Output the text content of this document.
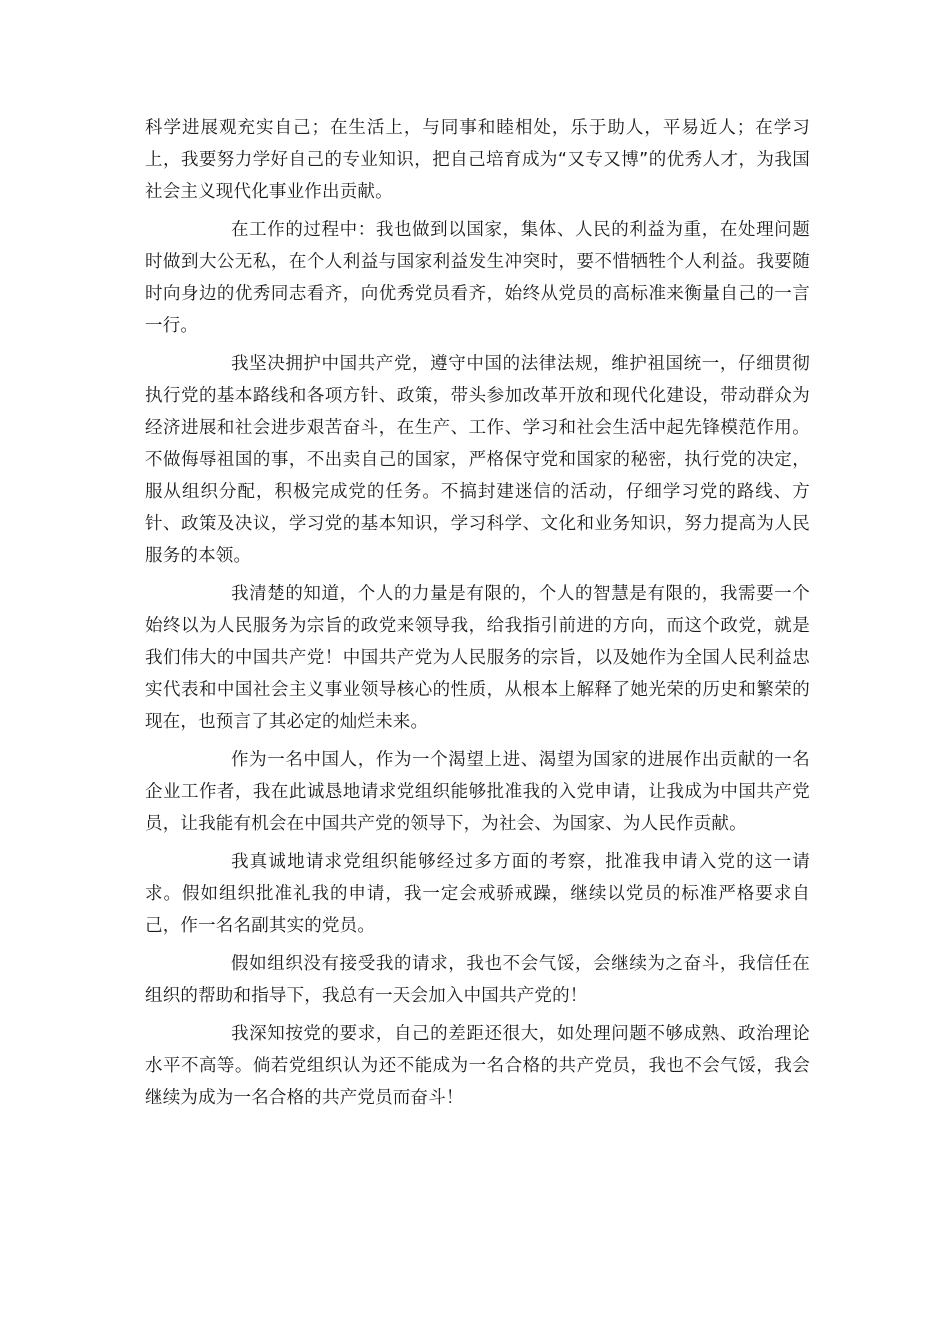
科学进展观充实自己；在生活上，与同事和睦相处，乐于助人，平易近人；在学习上，我要努力学好自己的专业知识，把自己培育成为“又专又博”的优秀人才，为我国社会主义现代化事业作出贡献。

在工作的过程中：我也做到以国家，集体、人民的利益为重，在处理问题时做到大公无私，在个人利益与国家利益发生冲突时，要不惜牺牲个人利益。我要随时向身边的优秀同志看齐，向优秀党员看齐，始终从党员的高标准来衡量自己的一言一行。

我坚决拥护中国共产党，遵守中国的法律法规，维护祖国统一，仔细贯彻执行党的基本路线和各项方针、政策，带头参加改革开放和现代化建设，带动群众为经济进展和社会进步艰苦奋斗，在生产、工作、学习和社会生活中起先锋模范作用。不做侮辱祖国的事，不出卖自己的国家，严格保守党和国家的秘密，执行党的决定，服从组织分配，积极完成党的任务。不搞封建迷信的活动，仔细学习党的路线、方针、政策及决议，学习党的基本知识，学习科学、文化和业务知识，努力提高为人民服务的本领。

我清楚的知道，个人的力量是有限的，个人的智慧是有限的，我需要一个始终以为人民服务为宗旨的政党来领导我，给我指引前进的方向，而这个政党，就是我们伟大的中国共产党！中国共产党为人民服务的宗旨，以及她作为全国人民利益忠实代表和中国社会主义事业领导核心的性质，从根本上解释了她光荣的历史和繁荣的现在，也预言了其必定的灿烂未来。

作为一名中国人，作为一个渴望上进、渴望为国家的进展作出贡献的一名企业工作者，我在此诚恳地请求党组织能够批准我的入党申请，让我成为中国共产党员，让我能有机会在中国共产党的领导下，为社会、为国家、为人民作贡献。

我真诚地请求党组织能够经过多方面的考察，批准我申请入党的这一请求。假如组织批准礼我的申请，我一定会戒骄戒躁，继续以党员的标准严格要求自己，作一名名副其实的党员。

假如组织没有接受我的请求，我也不会气馁，会继续为之奋斗，我信任在组织的帮助和指导下，我总有一天会加入中国共产党的！

我深知按党的要求，自己的差距还很大，如处理问题不够成熟、政治理论水平不高等。倘若党组织认为还不能成为一名合格的共产党员，我也不会气馁，我会继续为成为一名合格的共产党员而奋斗！
